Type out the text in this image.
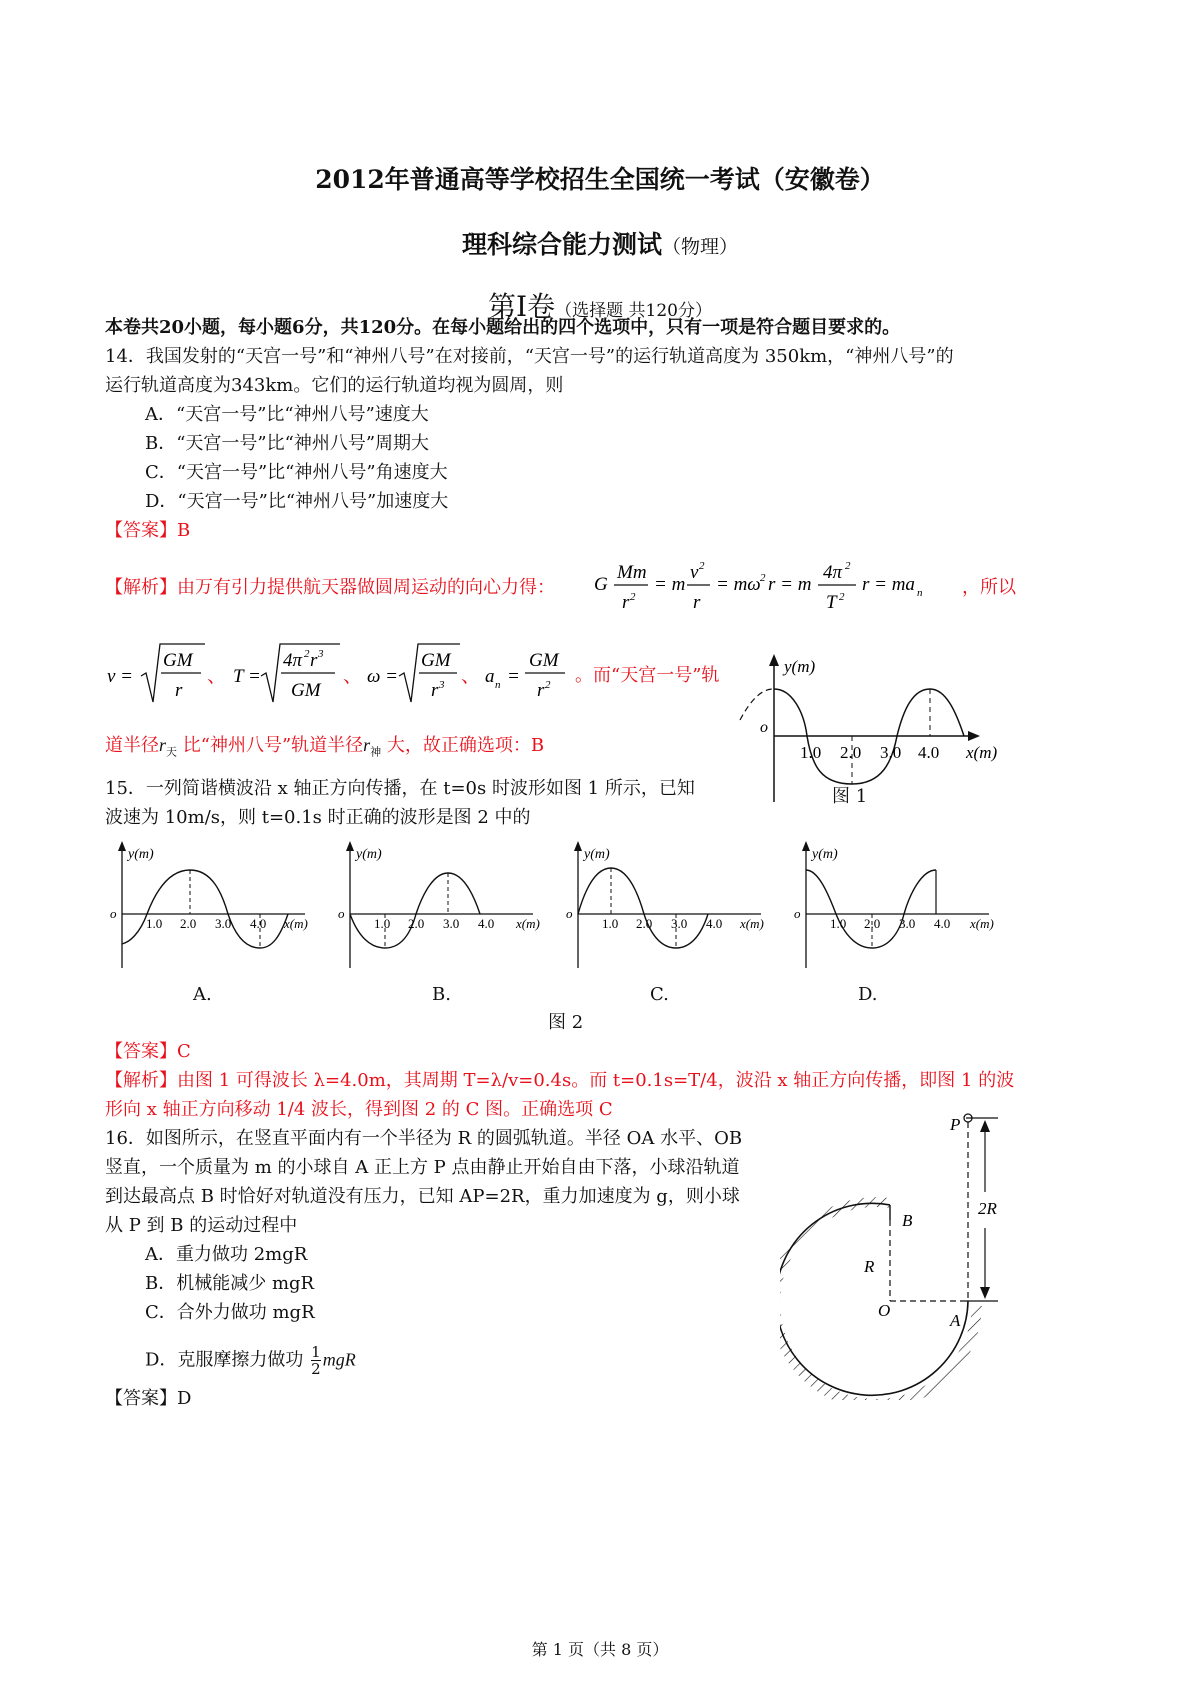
2012年普通高等学校招生全国统一考试（安徽卷）
理科综合能力测试（物理）
第Ⅰ卷（选择题 共120分）
本卷共20小题，每小题6分，共120分。在每小题给出的四个选项中，只有一项是符合题目要求的。
14．我国发射的“天宫一号”和“神州八号”在对接前，“天宫一号”的运行轨道高度为 350km，“神州八号”的
运行轨道高度为343km。它们的运行轨道均视为圆周，则
A．“天宫一号”比“神州八号”速度大
B．“天宫一号”比“神州八号”周期大
C．“天宫一号”比“神州八号”角速度大
D．“天宫一号”比“神州八号”加速度大
【答案】B
【解析】由万有引力提供航天器做圆周运动的向心力得： G
Mm
r 2
= m
v 2
r
= mω 2 r = m
4π 2
T 2
r = ma n ，所以
v =
GM
r
、 T =
4π 2 r 3
GM
、 ω =
GM
r 3 、 a n =
GM
r 2 。而“天宫一号”轨
道半径$r_天$ 比“神州八号”轨道半径$r_神$ 大，故正确选项：B
y(m)
o
1.0 2.0 3.0 4.0 x(m)
图 1
15．一列简谐横波沿 x 轴正方向传播，在 t=0s 时波形如图 1 所示，已知
波速为 10m/s，则 t=0.1s 时正确的波形是图 2 中的
y(m)
o
1.0 2.0 3.0 4.0 x(m)
y(m)
o
1.0 2.0 3.0 4.0 x(m)
y(m)
o
1.0 2.0 3.0 4.0 x(m)
y(m)
o
1.0 2.0 3.0 4.0 x(m)
A.	B.	C.	D.
图 2
【答案】C
【解析】由图 1 可得波长 λ=4.0m，其周期 T=λ/v=0.4s。而 t=0.1s=T/4，波沿 x 轴正方向传播，即图 1 的波
形向 x 轴正方向移动 1/4 波长，得到图 2 的 C 图。正确选项 C
16．如图所示，在竖直平面内有一个半径为 R 的圆弧轨道。半径 OA 水平、OB
竖直，一个质量为 m 的小球自 A 正上方 P 点由静止开始自由下落，小球沿轨道
到达最高点 B 时恰好对轨道没有压力，已知 AP=2R，重力加速度为 g，则小球
从 P 到 B 的运动过程中
A．重力做功 2mgR
B．机械能减少 mgR
C．合外力做功 mgR
D．克服摩擦力做功 1

2 mgR
【答案】D
P
2R
B
R
O
A
第 1 页（共 8 页）
